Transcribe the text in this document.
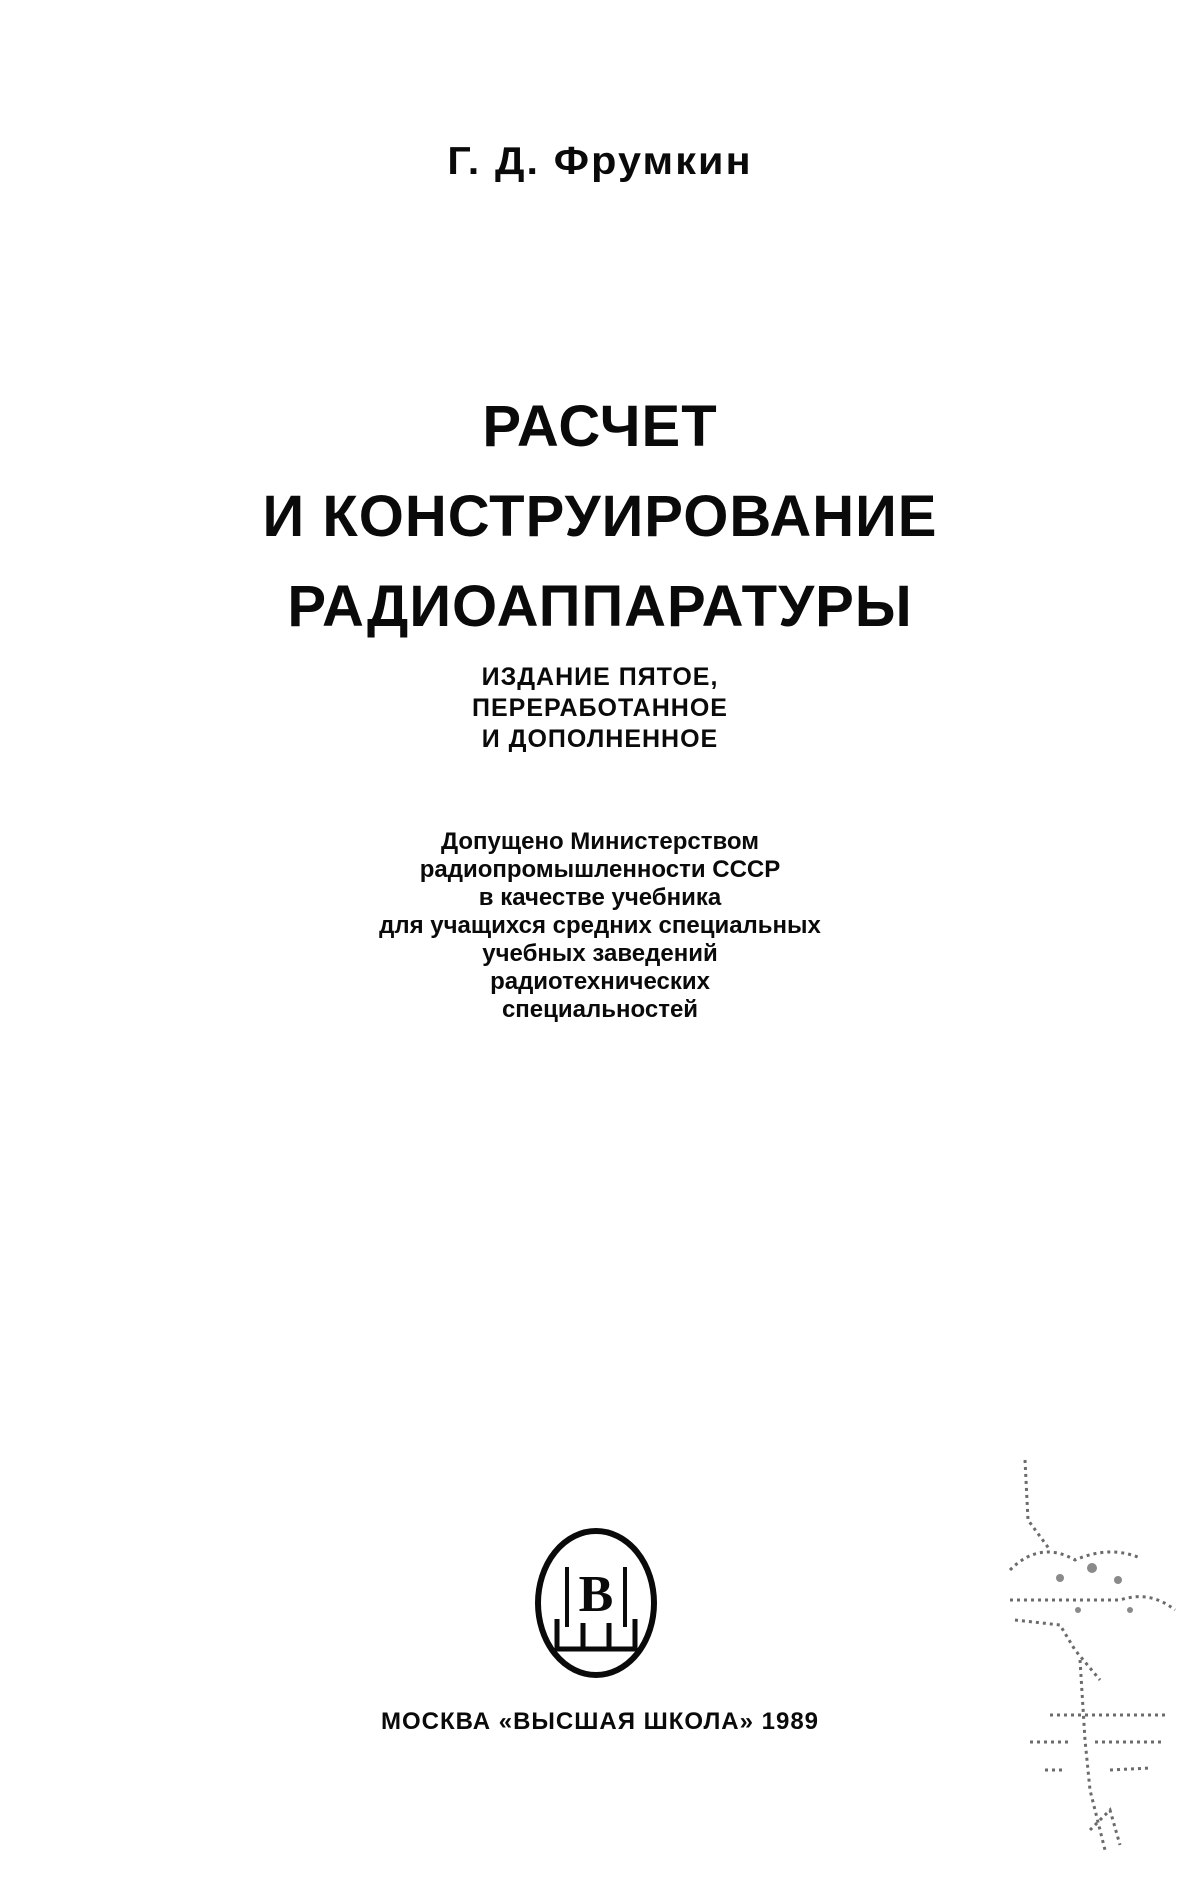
Г. Д. Фрумкин
РАСЧЕТ
И КОНСТРУИРОВАНИЕ
РАДИОАППАРАТУРЫ
ИЗДАНИЕ ПЯТОЕ,
ПЕРЕРАБОТАННОЕ
И ДОПОЛНЕННОЕ
Допущено Министерством
радиопромышленности СССР
в качестве учебника
для учащихся средних специальных
учебных заведений
радиотехнических
специальностей
В
МОСКВА «ВЫСШАЯ ШКОЛА» 1989
